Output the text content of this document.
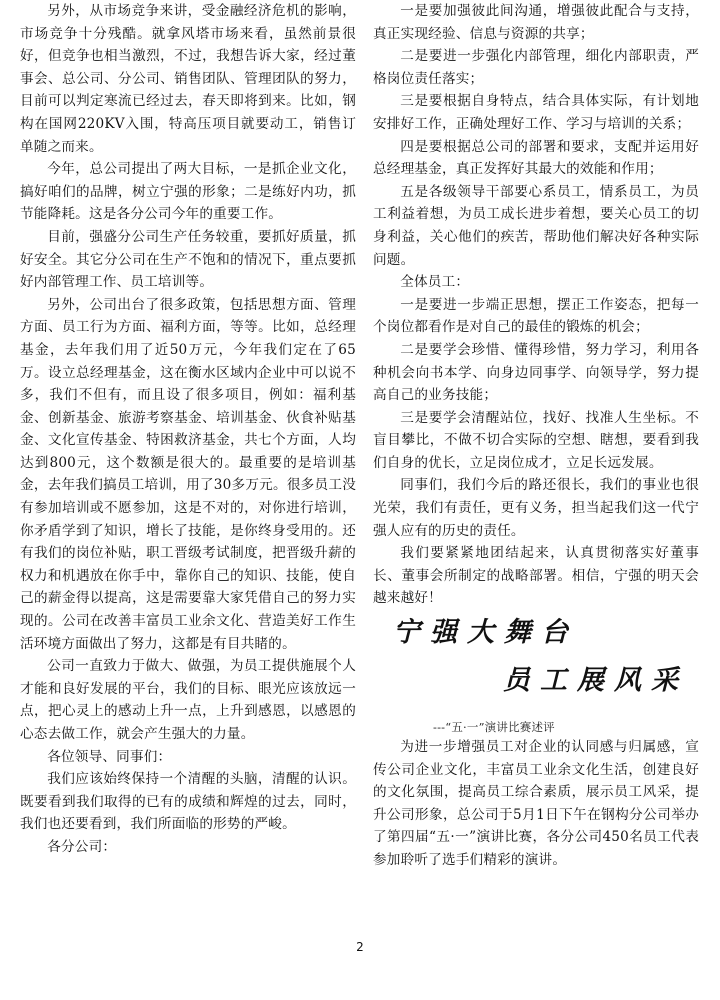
另外，从市场竞争来讲，受金融经济危机的影响，市场竞争十分残酷。就拿风塔市场来看，虽然前景很好，但竞争也相当激烈，不过，我想告诉大家，经过董事会、总公司、分公司、销售团队、管理团队的努力，目前可以判定寒流已经过去，春天即将到来。比如，钢构在国网220KV入围，特高压项目就要动工，销售订单随之而来。

今年，总公司提出了两大目标，一是抓企业文化，搞好咱们的品牌，树立宁强的形象；二是练好内功，抓节能降耗。这是各分公司今年的重要工作。

目前，强盛分公司生产任务较重，要抓好质量，抓好安全。其它分公司在生产不饱和的情况下，重点要抓好内部管理工作、员工培训等。

另外，公司出台了很多政策，包括思想方面、管理方面、员工行为方面、福利方面，等等。比如，总经理基金，去年我们用了近50万元，今年我们定在了65万。设立总经理基金，这在衡水区域内企业中可以说不多，我们不但有，而且设了很多项目，例如：福利基金、创新基金、旅游考察基金、培训基金、伙食补贴基金、文化宣传基金、特困救济基金，共七个方面，人均达到800元，这个数额是很大的。最重要的是培训基金，去年我们搞员工培训，用了30多万元。很多员工没有参加培训或不愿参加，这是不对的，对你进行培训，你矛盾学到了知识，增长了技能，是你终身受用的。还有我们的岗位补贴，职工晋级考试制度，把晋级升薪的权力和机遇放在你手中，靠你自己的知识、技能，使自己的薪金得以提高，这是需要靠大家凭借自己的努力实现的。公司在改善丰富员工业余文化、营造美好工作生活环境方面做出了努力，这都是有目共睹的。

公司一直致力于做大、做强，为员工提供施展个人才能和良好发展的平台，我们的目标、眼光应该放远一点，把心灵上的感动上升一点，上升到感恩，以感恩的心态去做工作，就会产生强大的力量。

各位领导、同事们：

我们应该始终保持一个清醒的头脑，清醒的认识。既要看到我们取得的已有的成绩和辉煌的过去，同时，我们也还要看到，我们所面临的形势的严峻。

各分公司：

一是要加强彼此间沟通，增强彼此配合与支持，真正实现经验、信息与资源的共享；

二是要进一步强化内部管理，细化内部职责，严格岗位责任落实；

三是要根据自身特点，结合具体实际，有计划地安排好工作，正确处理好工作、学习与培训的关系；

四是要根据总公司的部署和要求，支配并运用好总经理基金，真正发挥好其最大的效能和作用；

五是各级领导干部要心系员工，情系员工，为员工利益着想，为员工成长进步着想，要关心员工的切身利益，关心他们的疾苦，帮助他们解决好各种实际问题。

全体员工：

一是要进一步端正思想，摆正工作姿态，把每一个岗位都看作是对自己的最佳的锻炼的机会；

二是要学会珍惜、懂得珍惜，努力学习，利用各种机会向书本学、向身边同事学、向领导学，努力提高自己的业务技能；

三是要学会清醒站位，找好、找准人生坐标。不盲目攀比，不做不切合实际的空想、瞎想，要看到我们自身的优长，立足岗位成才，立足长远发展。

同事们，我们今后的路还很长，我们的事业也很光荣，我们有责任，更有义务，担当起我们这一代宁强人应有的历史的责任。

我们要紧紧地团结起来，认真贯彻落实好董事长、董事会所制定的战略部署。相信，宁强的明天会越来越好！

宁强大舞台
员工展风采
---“五·一”演讲比赛述评

为进一步增强员工对企业的认同感与归属感，宣传公司企业文化，丰富员工业余文化生活，创建良好的文化氛围，提高员工综合素质，展示员工风采，提升公司形象，总公司于5月1日下午在钢构分公司举办了第四届“五·一”演讲比赛，各分公司450名员工代表参加聆听了选手们精彩的演讲。

2
